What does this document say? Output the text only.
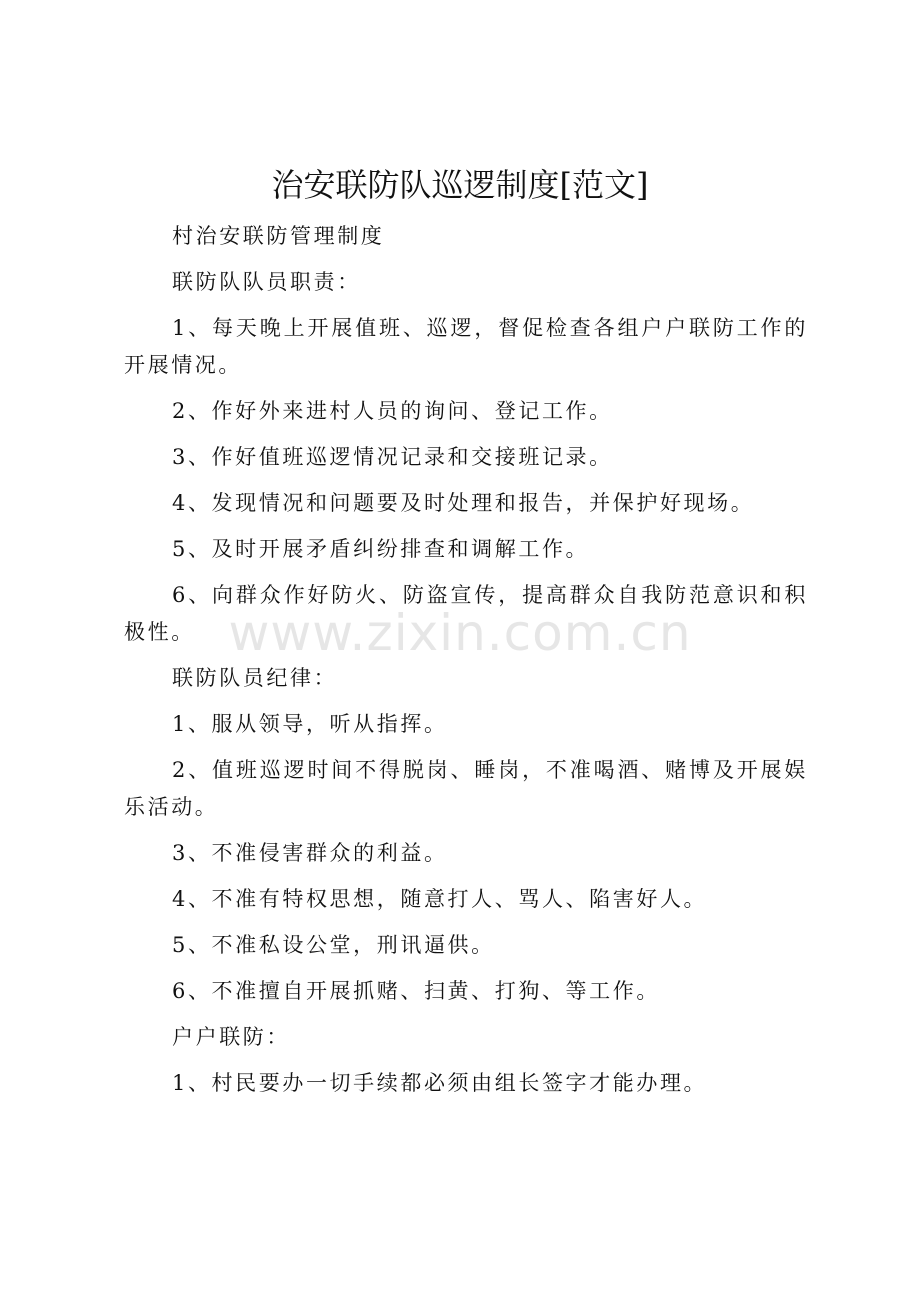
治安联防队巡逻制度[范文]

村治安联防管理制度

联防队队员职责：

1、每天晚上开展值班、巡逻，督促检查各组户户联防工作的开展情况。

2、作好外来进村人员的询问、登记工作。

3、作好值班巡逻情况记录和交接班记录。

4、发现情况和问题要及时处理和报告，并保护好现场。

5、及时开展矛盾纠纷排查和调解工作。

6、向群众作好防火、防盗宣传，提高群众自我防范意识和积极性。

联防队员纪律：

1、服从领导，听从指挥。

2、值班巡逻时间不得脱岗、睡岗，不准喝酒、赌博及开展娱乐活动。

3、不准侵害群众的利益。

4、不准有特权思想，随意打人、骂人、陷害好人。

5、不准私设公堂，刑讯逼供。

6、不准擅自开展抓赌、扫黄、打狗、等工作。

户户联防：

1、村民要办一切手续都必须由组长签字才能办理。

www.zixin.com.cn
